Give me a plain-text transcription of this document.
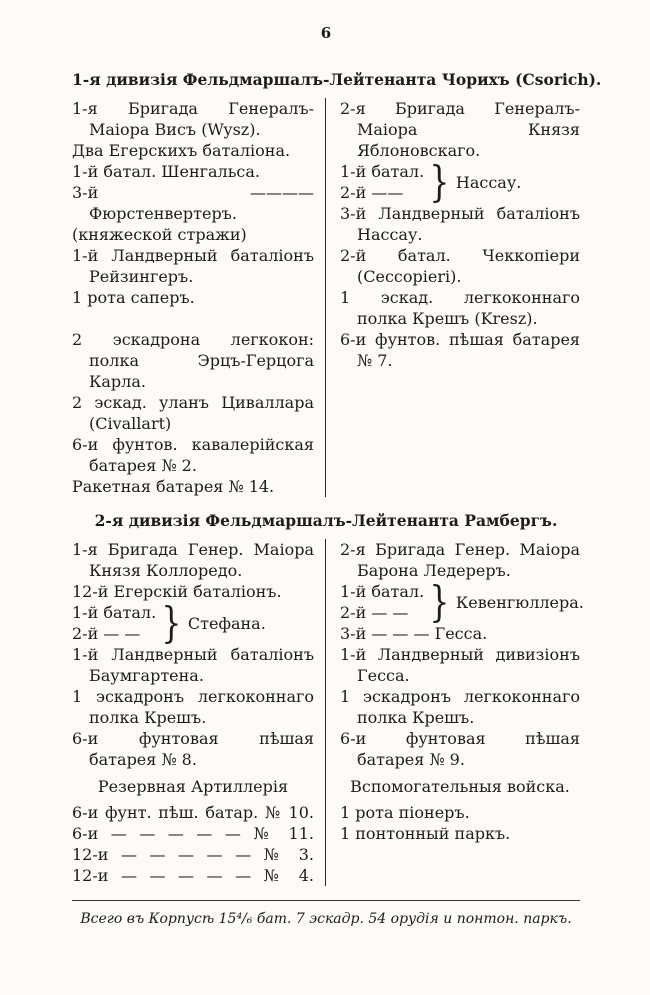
6
1-я дивизія Фельдмаршалъ-Лейтенанта Чорихъ (Csorich).

1-я Бригада Генералъ-Маіора Висъ (Wysz).

Два Егерскихъ баталіона.

1-й батал. Шенгальса.

3-й ———— Фюрстенвертеръ.

(княжеской стражи)

1-й Ландверный баталіонъ Рейзингеръ.

1 рота саперъ.

2 эскадрона легкокон: полка Эрцъ-Герцога Карла.

2 эскад. уланъ Циваллара (Civallart)

6-и фунтов. кавалерійская батарея № 2.

Ракетная батарея № 14.

2-я Бригада Генералъ-Маіора Князя Яблоновскаго.

1-й батал.

2-й —— } Нассау.

3-й Ландверный баталіонъ Нассау.

2-й батал. Чеккопіери (Ceccopieri).

1 эскад. легкоконнаго полка Крешъ (Kresz).

6-и фунтов. пѣшая батарея № 7.

2-я дивизія Фельдмаршалъ-Лейтенанта Рамбергъ.

1-я Бригада Генер. Маіора Князя Коллоредо.

12-й Егерскій баталіонъ.

1-й батал.

2-й — — } Стефана.

1-й Ландверный баталіонъ Баумгартена.

1 эскадронъ легкоконнаго полка Крешъ.

6-и фунтовая пѣшая батарея № 8.

Резервная Артиллерія

6-и фунт. пѣш. батар. № 10.

6-и — — — — — № 11.

12-и — — — — — № 3.

12-и — — — — — № 4.

2-я Бригада Генер. Маіора Барона Ледереръ.

1-й батал.

2-й — — } Кевенгюллера.

3-й — — — Гесса.

1-й Ландверный дивизіонъ Гесса.

1 эскадронъ легкоконнаго полка Крешъ.

6-и фунтовая пѣшая батарея № 9.

Вспомогательныя войска.

1 рота піонеръ.

1 понтонный паркъ.

Всего въ Корпусѣ 15⁴/₆ бат. 7 эскадр. 54 орудія и понтон. паркъ.
